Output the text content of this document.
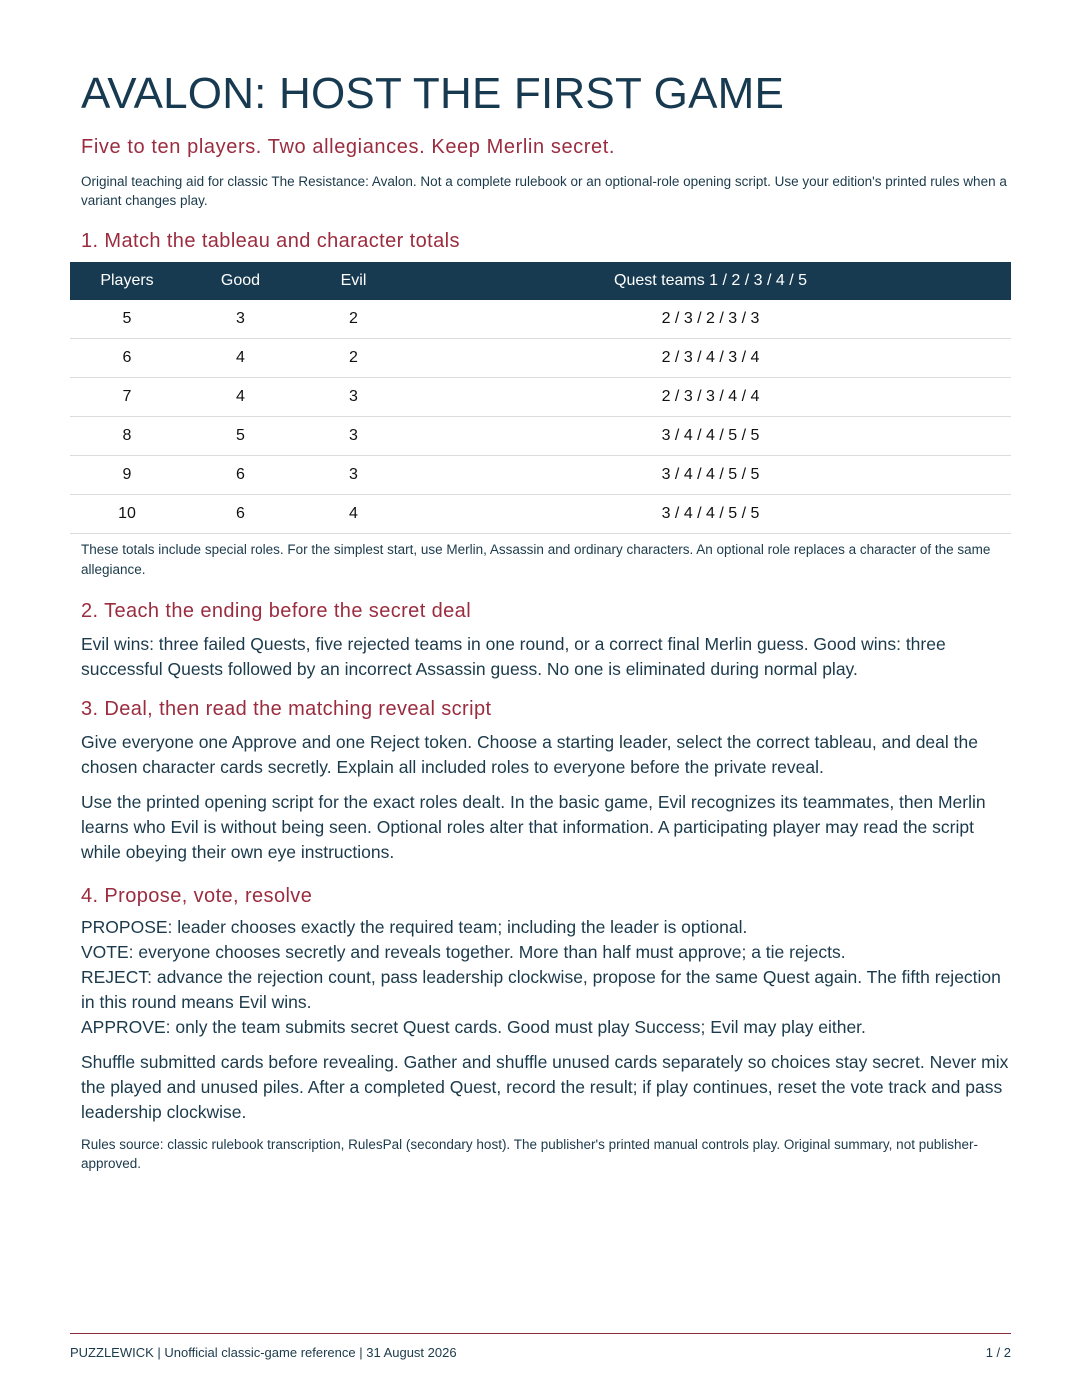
AVALON: HOST THE FIRST GAME

Five to ten players. Two allegiances. Keep Merlin secret.

Original teaching aid for classic The Resistance: Avalon. Not a complete rulebook or an optional-role opening script. Use your edition's printed rules when a variant changes play.

1. Match the tableau and character totals
Players	Good	Evil	Quest teams 1 / 2 / 3 / 4 / 5
5	3	2	2 / 3 / 2 / 3 / 3
6	4	2	2 / 3 / 4 / 3 / 4
7	4	3	2 / 3 / 3 / 4 / 4
8	5	3	3 / 4 / 4 / 5 / 5
9	6	3	3 / 4 / 4 / 5 / 5
10	6	4	3 / 4 / 4 / 5 / 5

These totals include special roles. For the simplest start, use Merlin, Assassin and ordinary characters. An optional role replaces a character of the same allegiance.

2. Teach the ending before the secret deal

Evil wins: three failed Quests, five rejected teams in one round, or a correct final Merlin guess. Good wins: three successful Quests followed by an incorrect Assassin guess. No one is eliminated during normal play.

3. Deal, then read the matching reveal script

Give everyone one Approve and one Reject token. Choose a starting leader, select the correct tableau, and deal the chosen character cards secretly. Explain all included roles to everyone before the private reveal.

Use the printed opening script for the exact roles dealt. In the basic game, Evil recognizes its teammates, then Merlin learns who Evil is without being seen. Optional roles alter that information. A participating player may read the script while obeying their own eye instructions.

4. Propose, vote, resolve
PROPOSE: leader chooses exactly the required team; including the leader is optional.
VOTE: everyone chooses secretly and reveals together. More than half must approve; a tie rejects.
REJECT: advance the rejection count, pass leadership clockwise, propose for the same Quest again. The fifth rejection in this round means Evil wins.
APPROVE: only the team submits secret Quest cards. Good must play Success; Evil may play either.

Shuffle submitted cards before revealing. Gather and shuffle unused cards separately so choices stay secret. Never mix the played and unused piles. After a completed Quest, record the result; if play continues, reset the vote track and pass leadership clockwise.

Rules source: classic rulebook transcription, RulesPal (secondary host). The publisher's printed manual controls play. Original summary, not publisher-approved.

PUZZLEWICK | Unofficial classic-game reference | 31 August 2026	1 / 2
